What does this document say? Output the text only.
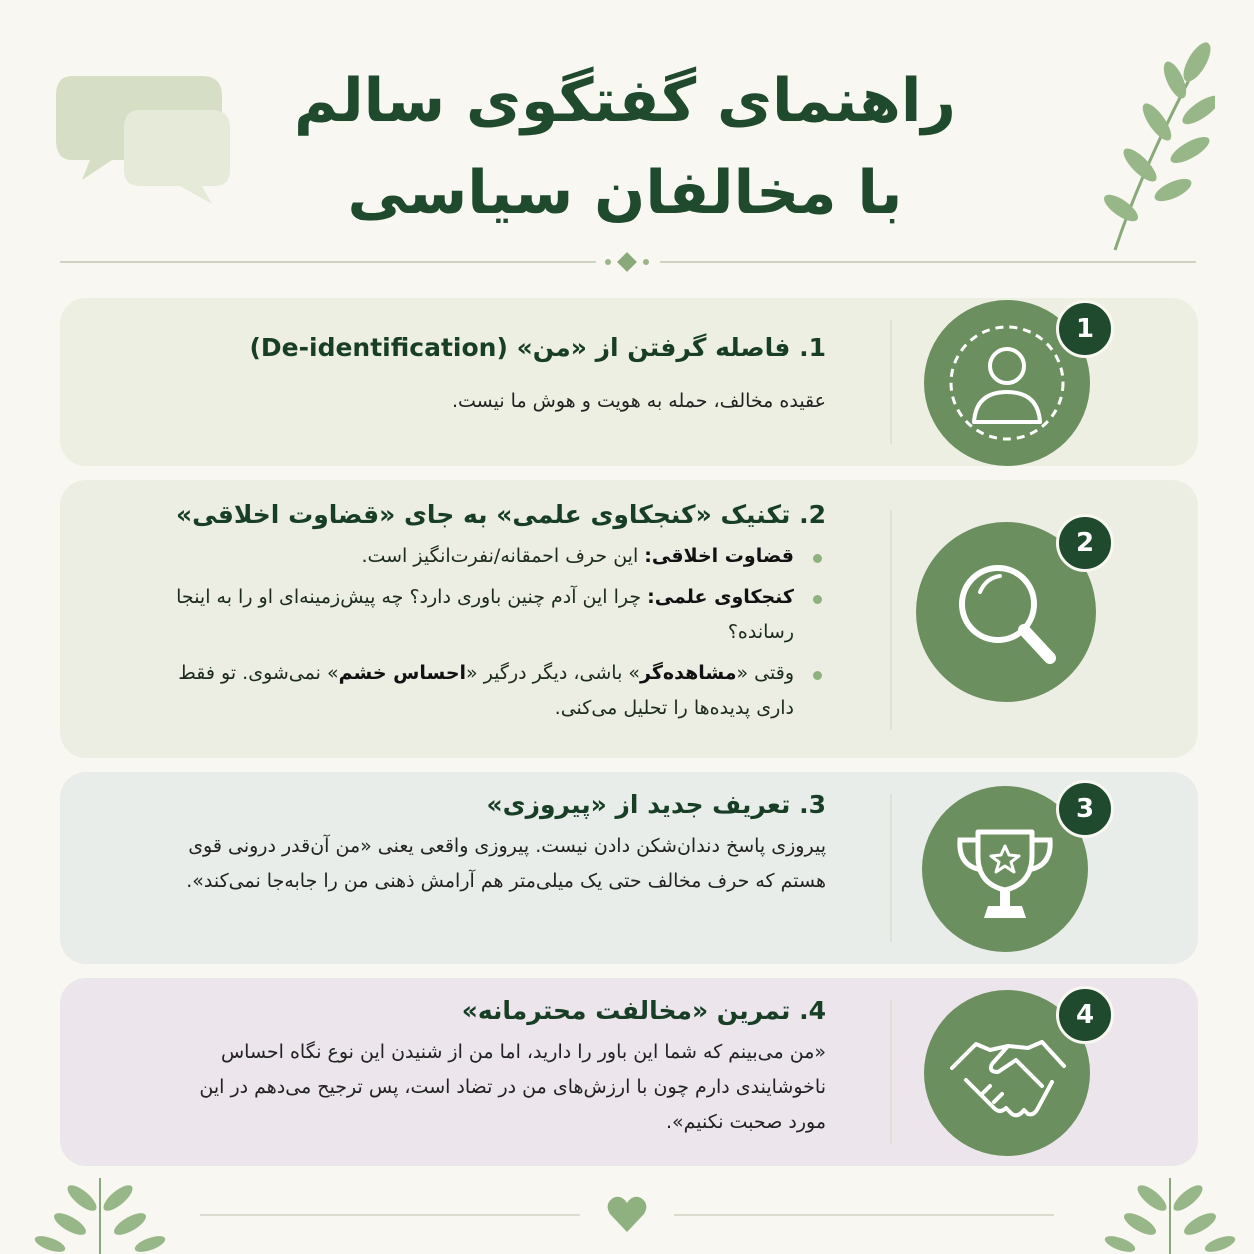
راهنمای گفتگوی سالم
با مخالفان سیاسی
1. فاصله گرفتن از «من» (De-identification)

عقیده مخالف، حمله به هویت و هوش ما نیست.

1
2. تکنیک «کنجکاوی علمی» به جای «قضاوت اخلاقی»
قضاوت اخلاقی: این حرف احمقانه/نفرت‌انگیز است.
کنجکاوی علمی: چرا این آدم چنین باوری دارد؟ چه پیش‌زمینه‌ای او را به اینجا رسانده؟
وقتی «مشاهده‌گر» باشی، دیگر درگیر «احساس خشم» نمی‌شوی. تو فقط داری پدیده‌ها را تحلیل می‌کنی.
2
3. تعریف جدید از «پیروزی»

پیروزی پاسخ دندان‌شکن دادن نیست. پیروزی واقعی یعنی «من آن‌قدر درونی قوی هستم که حرف مخالف حتی یک میلی‌متر هم آرامش ذهنی من را جابه‌جا نمی‌کند».

3
4. تمرین «مخالفت محترمانه»

«من می‌بینم که شما این باور را دارید، اما من از شنیدن این نوع نگاه احساس ناخوشایندی دارم چون با ارزش‌های من در تضاد است، پس ترجیح می‌دهم در این مورد صحبت نکنیم».

4
